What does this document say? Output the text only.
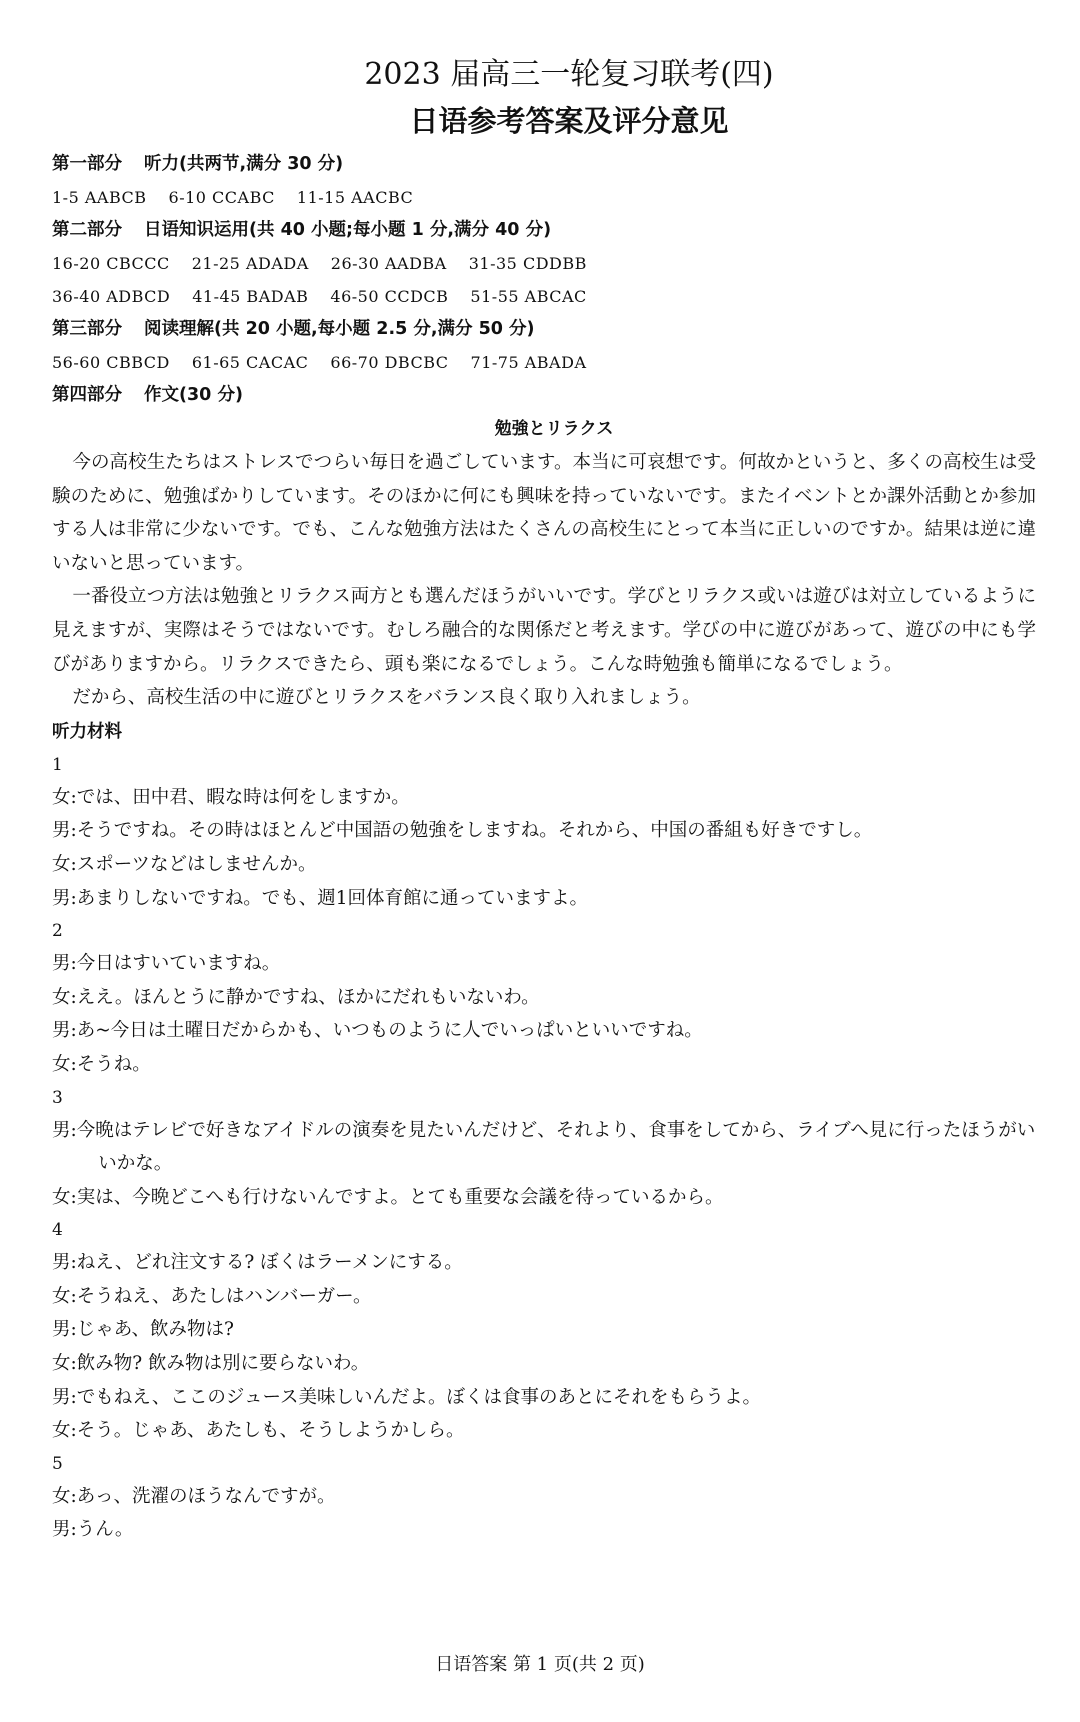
2023 届高三一轮复习联考(四)
日语参考答案及评分意见
第一部分 听力(共两节,满分 30 分)
1-5 AABCB 6-10 CCABC 11-15 AACBC
第二部分 日语知识运用(共 40 小题;每小题 1 分,满分 40 分)
16-20 CBCCC 21-25 ADADA 26-30 AADBA 31-35 CDDBB
36-40 ADBCD 41-45 BADAB 46-50 CCDCB 51-55 ABCAC
第三部分 阅读理解(共 20 小题,每小题 2.5 分,满分 50 分)
56-60 CBBCD 61-65 CACAC 66-70 DBCBC 71-75 ABADA
第四部分 作文(30 分)
勉強とリラクス

今の高校生たちはストレスでつらい毎日を過ごしています。本当に可哀想です。何故かというと、多くの高校生は受験のために、勉強ばかりしています。そのほかに何にも興味を持っていないです。またイベントとか課外活動とか参加する人は非常に少ないです。でも、こんな勉強方法はたくさんの高校生にとって本当に正しいのですか。結果は逆に違いないと思っています。

一番役立つ方法は勉強とリラクス両方とも選んだほうがいいです。学びとリラクス或いは遊びは対立しているように見えますが、実際はそうではないです。むしろ融合的な関係だと考えます。学びの中に遊びがあって、遊びの中にも学びがありますから。リラクスできたら、頭も楽になるでしょう。こんな時勉強も簡単になるでしょう。

だから、高校生活の中に遊びとリラクスをバランス良く取り入れましょう。

听力材料
1
女:では、田中君、暇な時は何をしますか。
男:そうですね。その時はほとんど中国語の勉強をしますね。それから、中国の番組も好きですし。
女:スポーツなどはしませんか。
男:あまりしないですね。でも、週1回体育館に通っていますよ。
2
男:今日はすいていますね。
女:ええ。ほんとうに静かですね、ほかにだれもいないわ。
男:あ~今日は土曜日だからかも、いつものように人でいっぱいといいですね。
女:そうね。
3
男:今晩はテレビで好きなアイドルの演奏を見たいんだけど、それより、食事をしてから、ライブへ見に行ったほうがいいかな。
女:実は、今晩どこへも行けないんですよ。とても重要な会議を待っているから。
4
男:ねえ、どれ注文する? ぼくはラーメンにする。
女:そうねえ、あたしはハンバーガー。
男:じゃあ、飲み物は?
女:飲み物? 飲み物は別に要らないわ。
男:でもねえ、ここのジュース美味しいんだよ。ぼくは食事のあとにそれをもらうよ。
女:そう。じゃあ、あたしも、そうしようかしら。
5
女:あっ、洗濯のほうなんですが。
男:うん。
日语答案 第 1 页(共 2 页)
